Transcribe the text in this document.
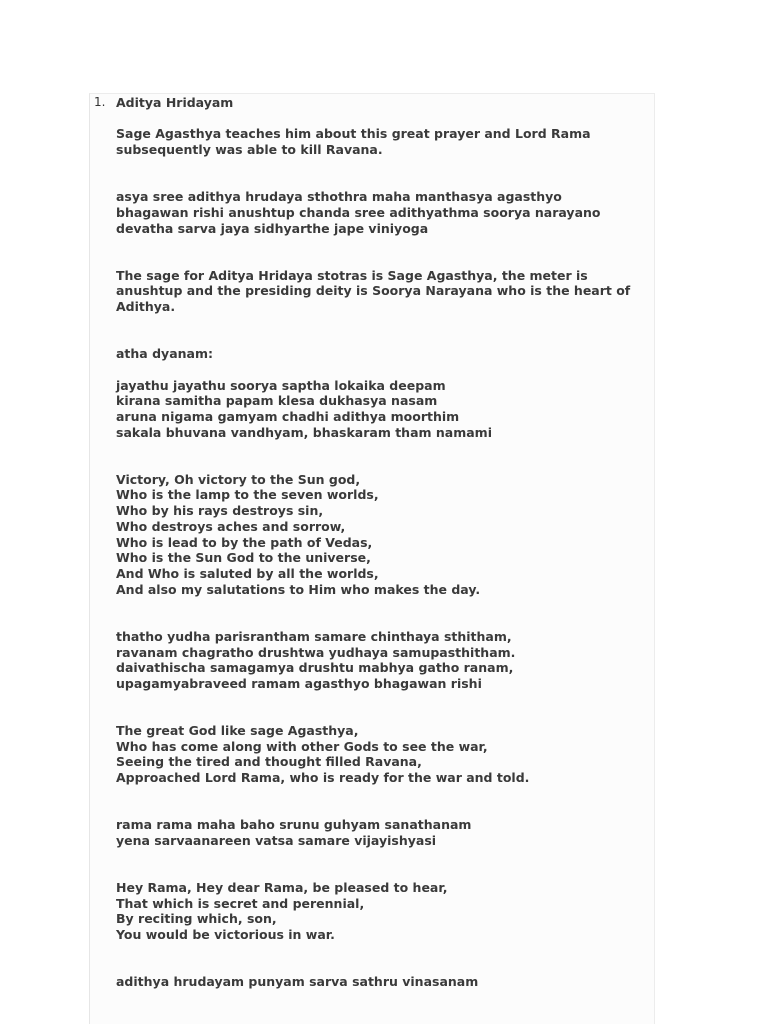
1. Aditya Hridayam

Sage Agasthya teaches him about this great prayer and Lord Rama
subsequently was able to kill Ravana.

asya sree adithya hrudaya sthothra maha manthasya agasthyo
bhagawan rishi anushtup chanda sree adithyathma soorya narayano
devatha sarva jaya sidhyarthe jape viniyoga

The sage for Aditya Hridaya stotras is Sage Agasthya, the meter is
anushtup and the presiding deity is Soorya Narayana who is the heart of
Adithya.

atha dyanam:

jayathu jayathu soorya saptha lokaika deepam
kirana samitha papam klesa dukhasya nasam
aruna nigama gamyam chadhi adithya moorthim
sakala bhuvana vandhyam, bhaskaram tham namami

Victory, Oh victory to the Sun god,
Who is the lamp to the seven worlds,
Who by his rays destroys sin,
Who destroys aches and sorrow,
Who is lead to by the path of Vedas,
Who is the Sun God to the universe,
And Who is saluted by all the worlds,
And also my salutations to Him who makes the day.

thatho yudha parisrantham samare chinthaya sthitham,
ravanam chagratho drushtwa yudhaya samupasthitham.
daivathischa samagamya drushtu mabhya gatho ranam,
upagamyabraveed ramam agasthyo bhagawan rishi

The great God like sage Agasthya,
Who has come along with other Gods to see the war,
Seeing the tired and thought filled Ravana,
Approached Lord Rama, who is ready for the war and told.

rama rama maha baho srunu guhyam sanathanam
yena sarvaanareen vatsa samare vijayishyasi

Hey Rama, Hey dear Rama, be pleased to hear,
That which is secret and perennial,
By reciting which, son,
You would be victorious in war.

adithya hrudayam punyam sarva sathru vinasanam
